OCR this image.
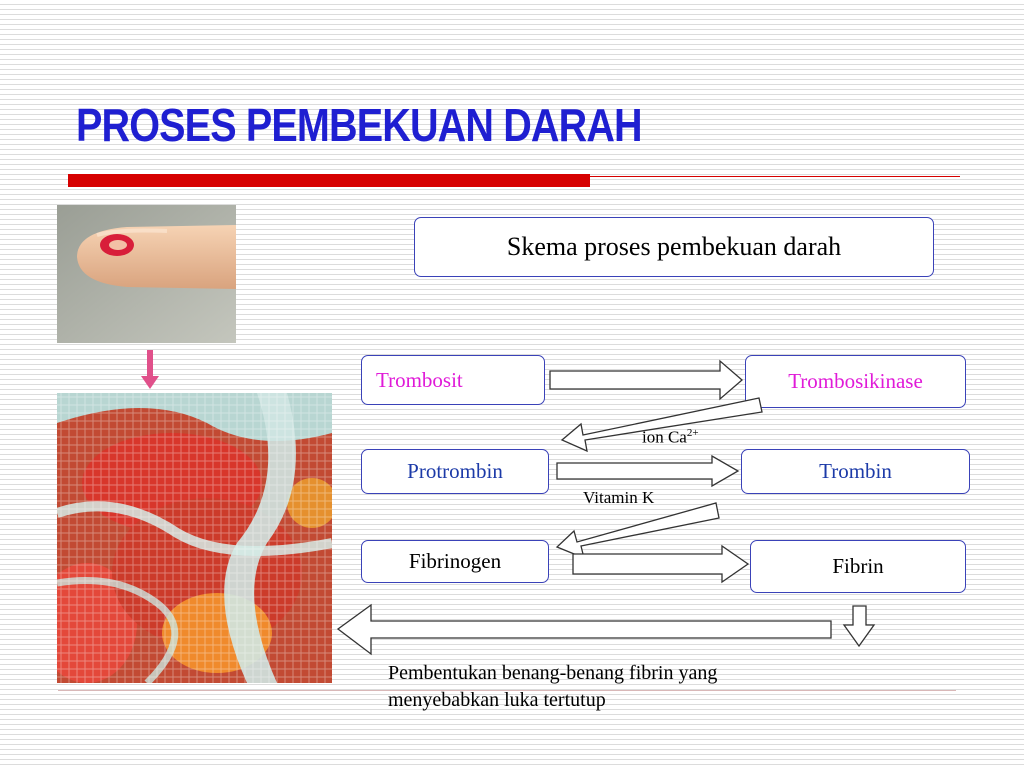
PROSES PEMBEKUAN DARAH
Skema proses pembekuan darah
Trombosit	Trombosikinase
Protrombin	Trombin
Fibrinogen	Fibrin
ion $Ca^{2+}$
Vitamin K
Pembentukan benang-benang fibrin yang
menyebabkan luka tertutup
